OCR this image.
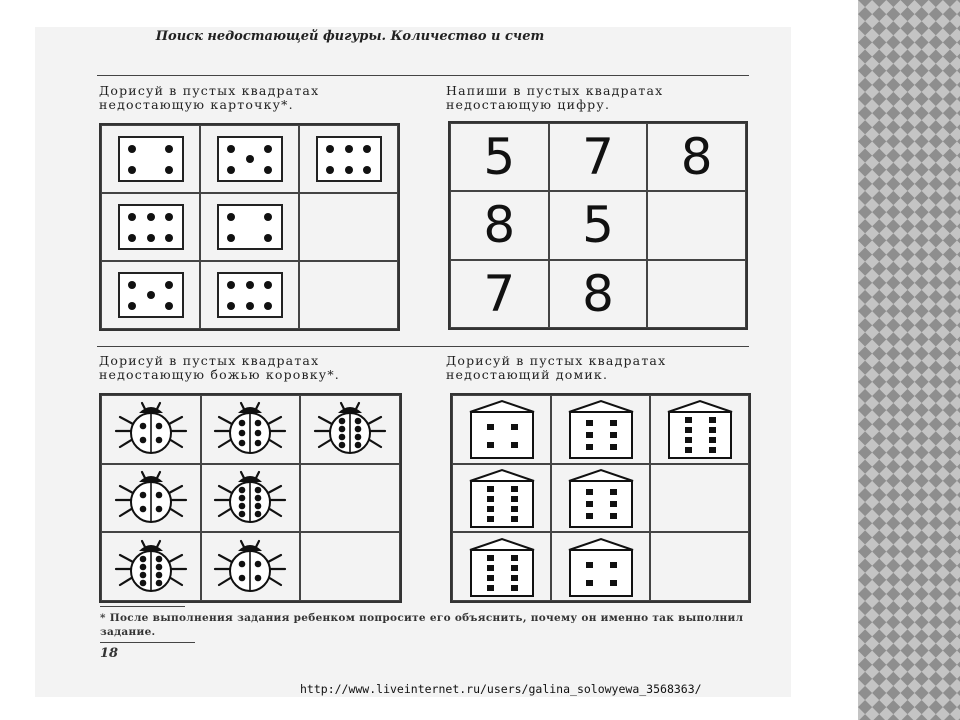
Поиск недостающей фигуры. Количество и счет
Дорисуй в пустых квадратах
недостающую карточку*.
Напиши в пустых квадратах
недостающую цифру.
5 7 8
8 5
7 8
Дорисуй в пустых квадратах
недостающую божью коровку*.
Дорисуй в пустых квадратах
недостающий домик.
* После выполнения задания ребенком попросите его объяснить, почему он именно так выполнил задание.
18
http://www.liveinternet.ru/users/galina_solowyewa_3568363/
